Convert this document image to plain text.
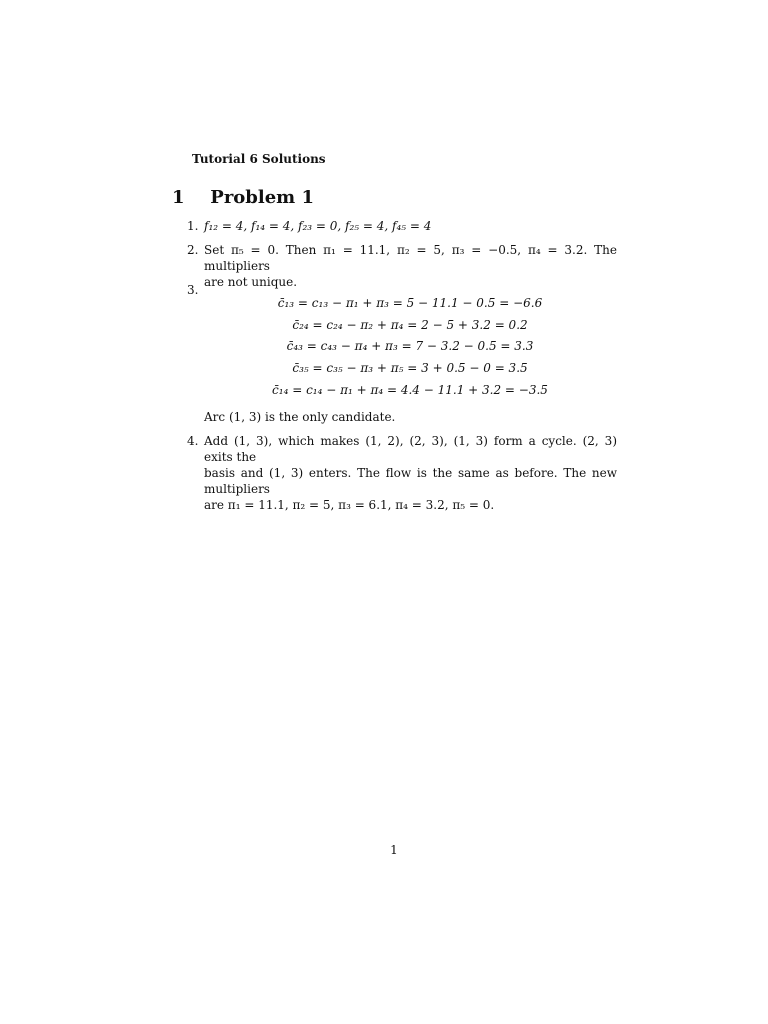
Tutorial 6 Solutions
1 Problem 1
1. f₁₂ = 4, f₁₄ = 4, f₂₃ = 0, f₂₅ = 4, f₄₅ = 4
2. Set π₅ = 0. Then π₁ = 11.1, π₂ = 5, π₃ = −0.5, π₄ = 3.2. The multipliers
are not unique.
3.
c̄₁₃ = c₁₃ − π₁ + π₃ = 5 − 11.1 − 0.5 = −6.6
c̄₂₄ = c₂₄ − π₂ + π₄ = 2 − 5 + 3.2 = 0.2
c̄₄₃ = c₄₃ − π₄ + π₃ = 7 − 3.2 − 0.5 = 3.3
c̄₃₅ = c₃₅ − π₃ + π₅ = 3 + 0.5 − 0 = 3.5
c̄₁₄ = c₁₄ − π₁ + π₄ = 4.4 − 11.1 + 3.2 = −3.5
Arc (1, 3) is the only candidate.
4. Add (1, 3), which makes (1, 2), (2, 3), (1, 3) form a cycle. (2, 3) exits the
basis and (1, 3) enters. The flow is the same as before. The new multipliers
are π₁ = 11.1, π₂ = 5, π₃ = 6.1, π₄ = 3.2, π₅ = 0.
1
